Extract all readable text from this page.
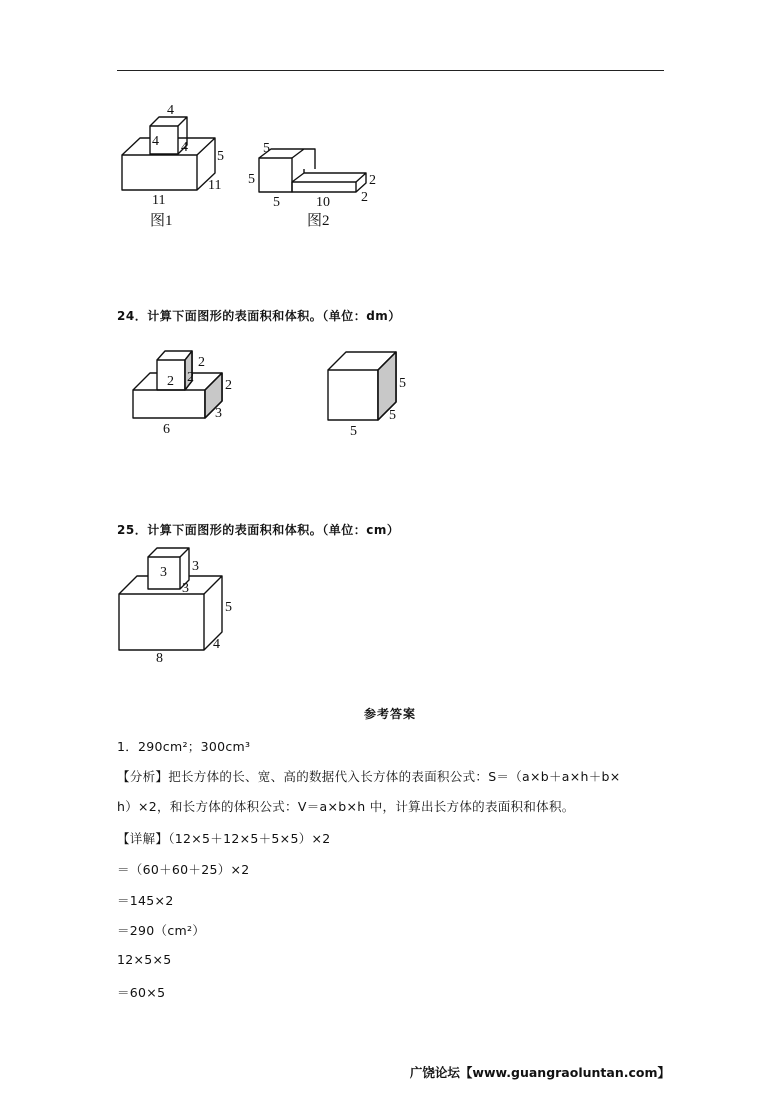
4
4 4
5
11
11
图1
5
5
5	10
2
2
图2
24．计算下面图形的表面积和体积。（单位：dm）
2
2 2
2
3
6
5
5
5
25．计算下面图形的表面积和体积。（单位：cm）
3 3
3
5
4
8
参考答案
1．290cm²；300cm³
【分析】把长方体的长、宽、高的数据代入长方体的表面积公式：S＝（a×b＋a×h＋b×
h）×2，和长方体的体积公式：V＝a×b×h 中，计算出长方体的表面积和体积。
【详解】（12×5＋12×5＋5×5）×2
＝（60＋60＋25）×2
＝145×2
＝290（cm²）
12×5×5
＝60×5
广饶论坛【www.guangraoluntan.com】
